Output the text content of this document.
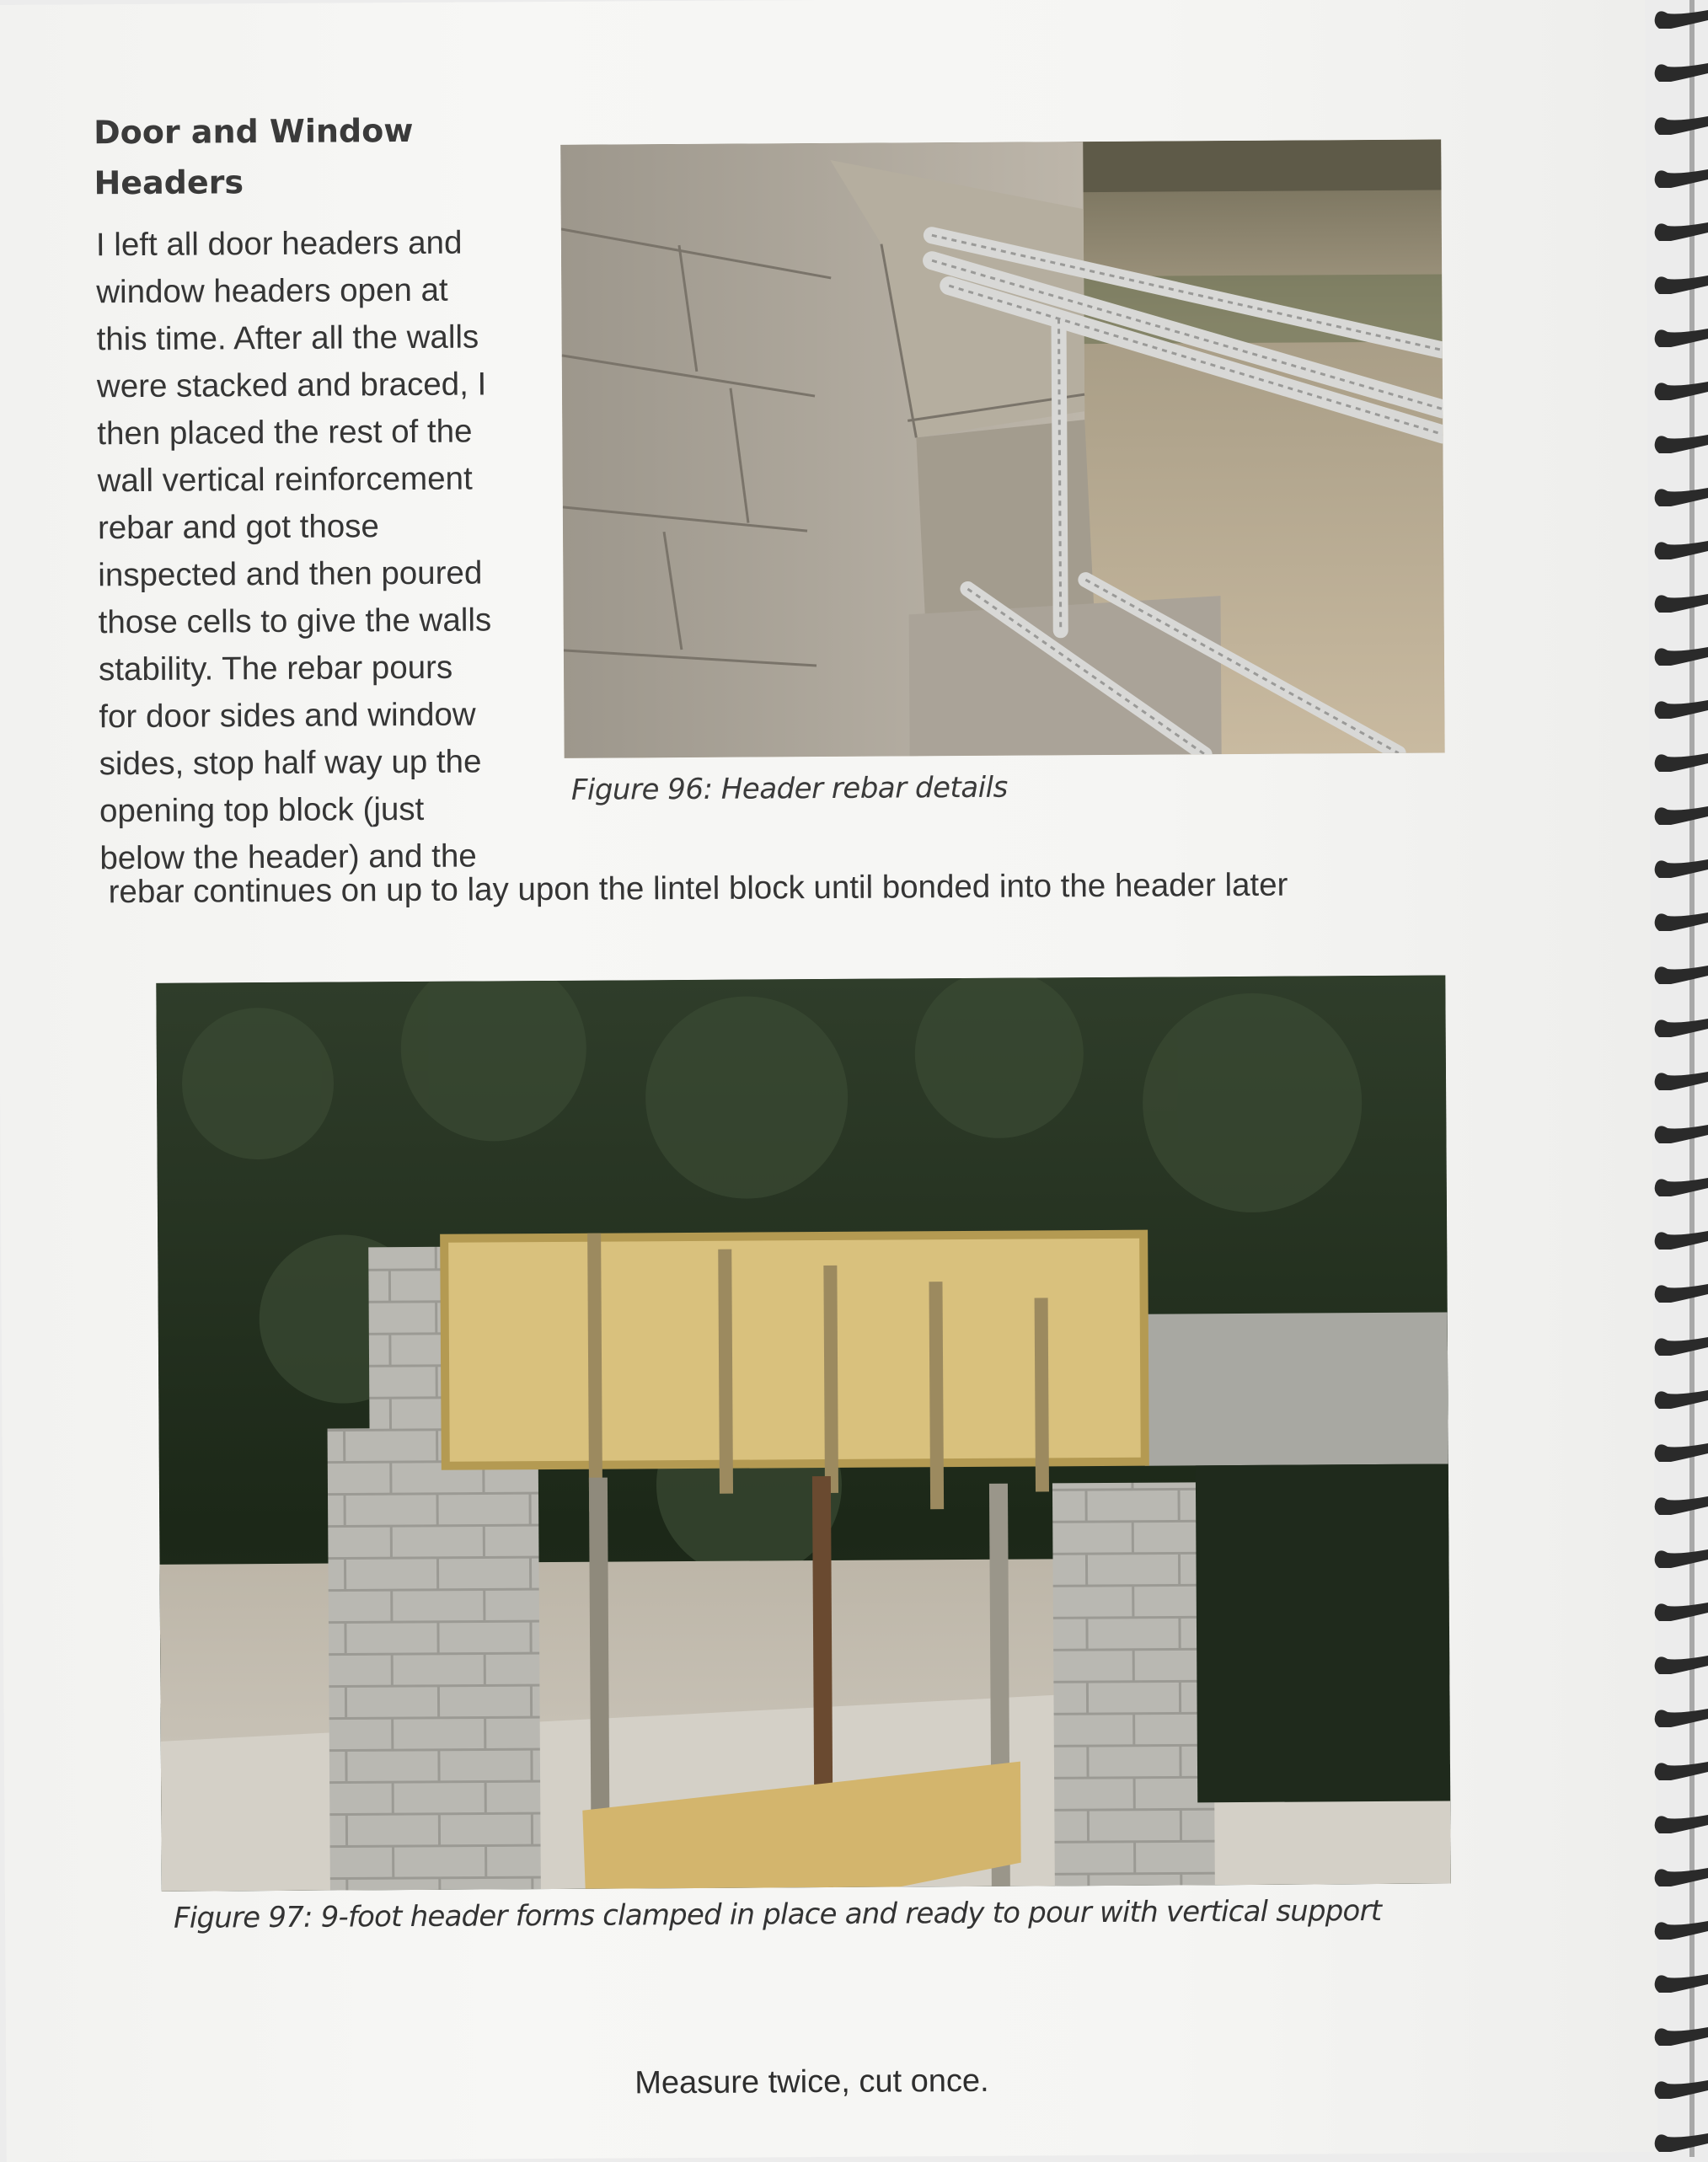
Door and Window
Headers
I left all door headers and
window headers open at
this time. After all the walls
were stacked and braced, I
then placed the rest of the
wall vertical reinforcement
rebar and got those
inspected and then poured
those cells to give the walls
stability. The rebar pours
for door sides and window
sides, stop half way up the
opening top block (just
below the header) and the
Figure 96: Header rebar details
rebar continues on up to lay upon the lintel block until bonded into the header later
Figure 97: 9-foot header forms clamped in place and ready to pour with vertical support
Measure twice, cut once.
